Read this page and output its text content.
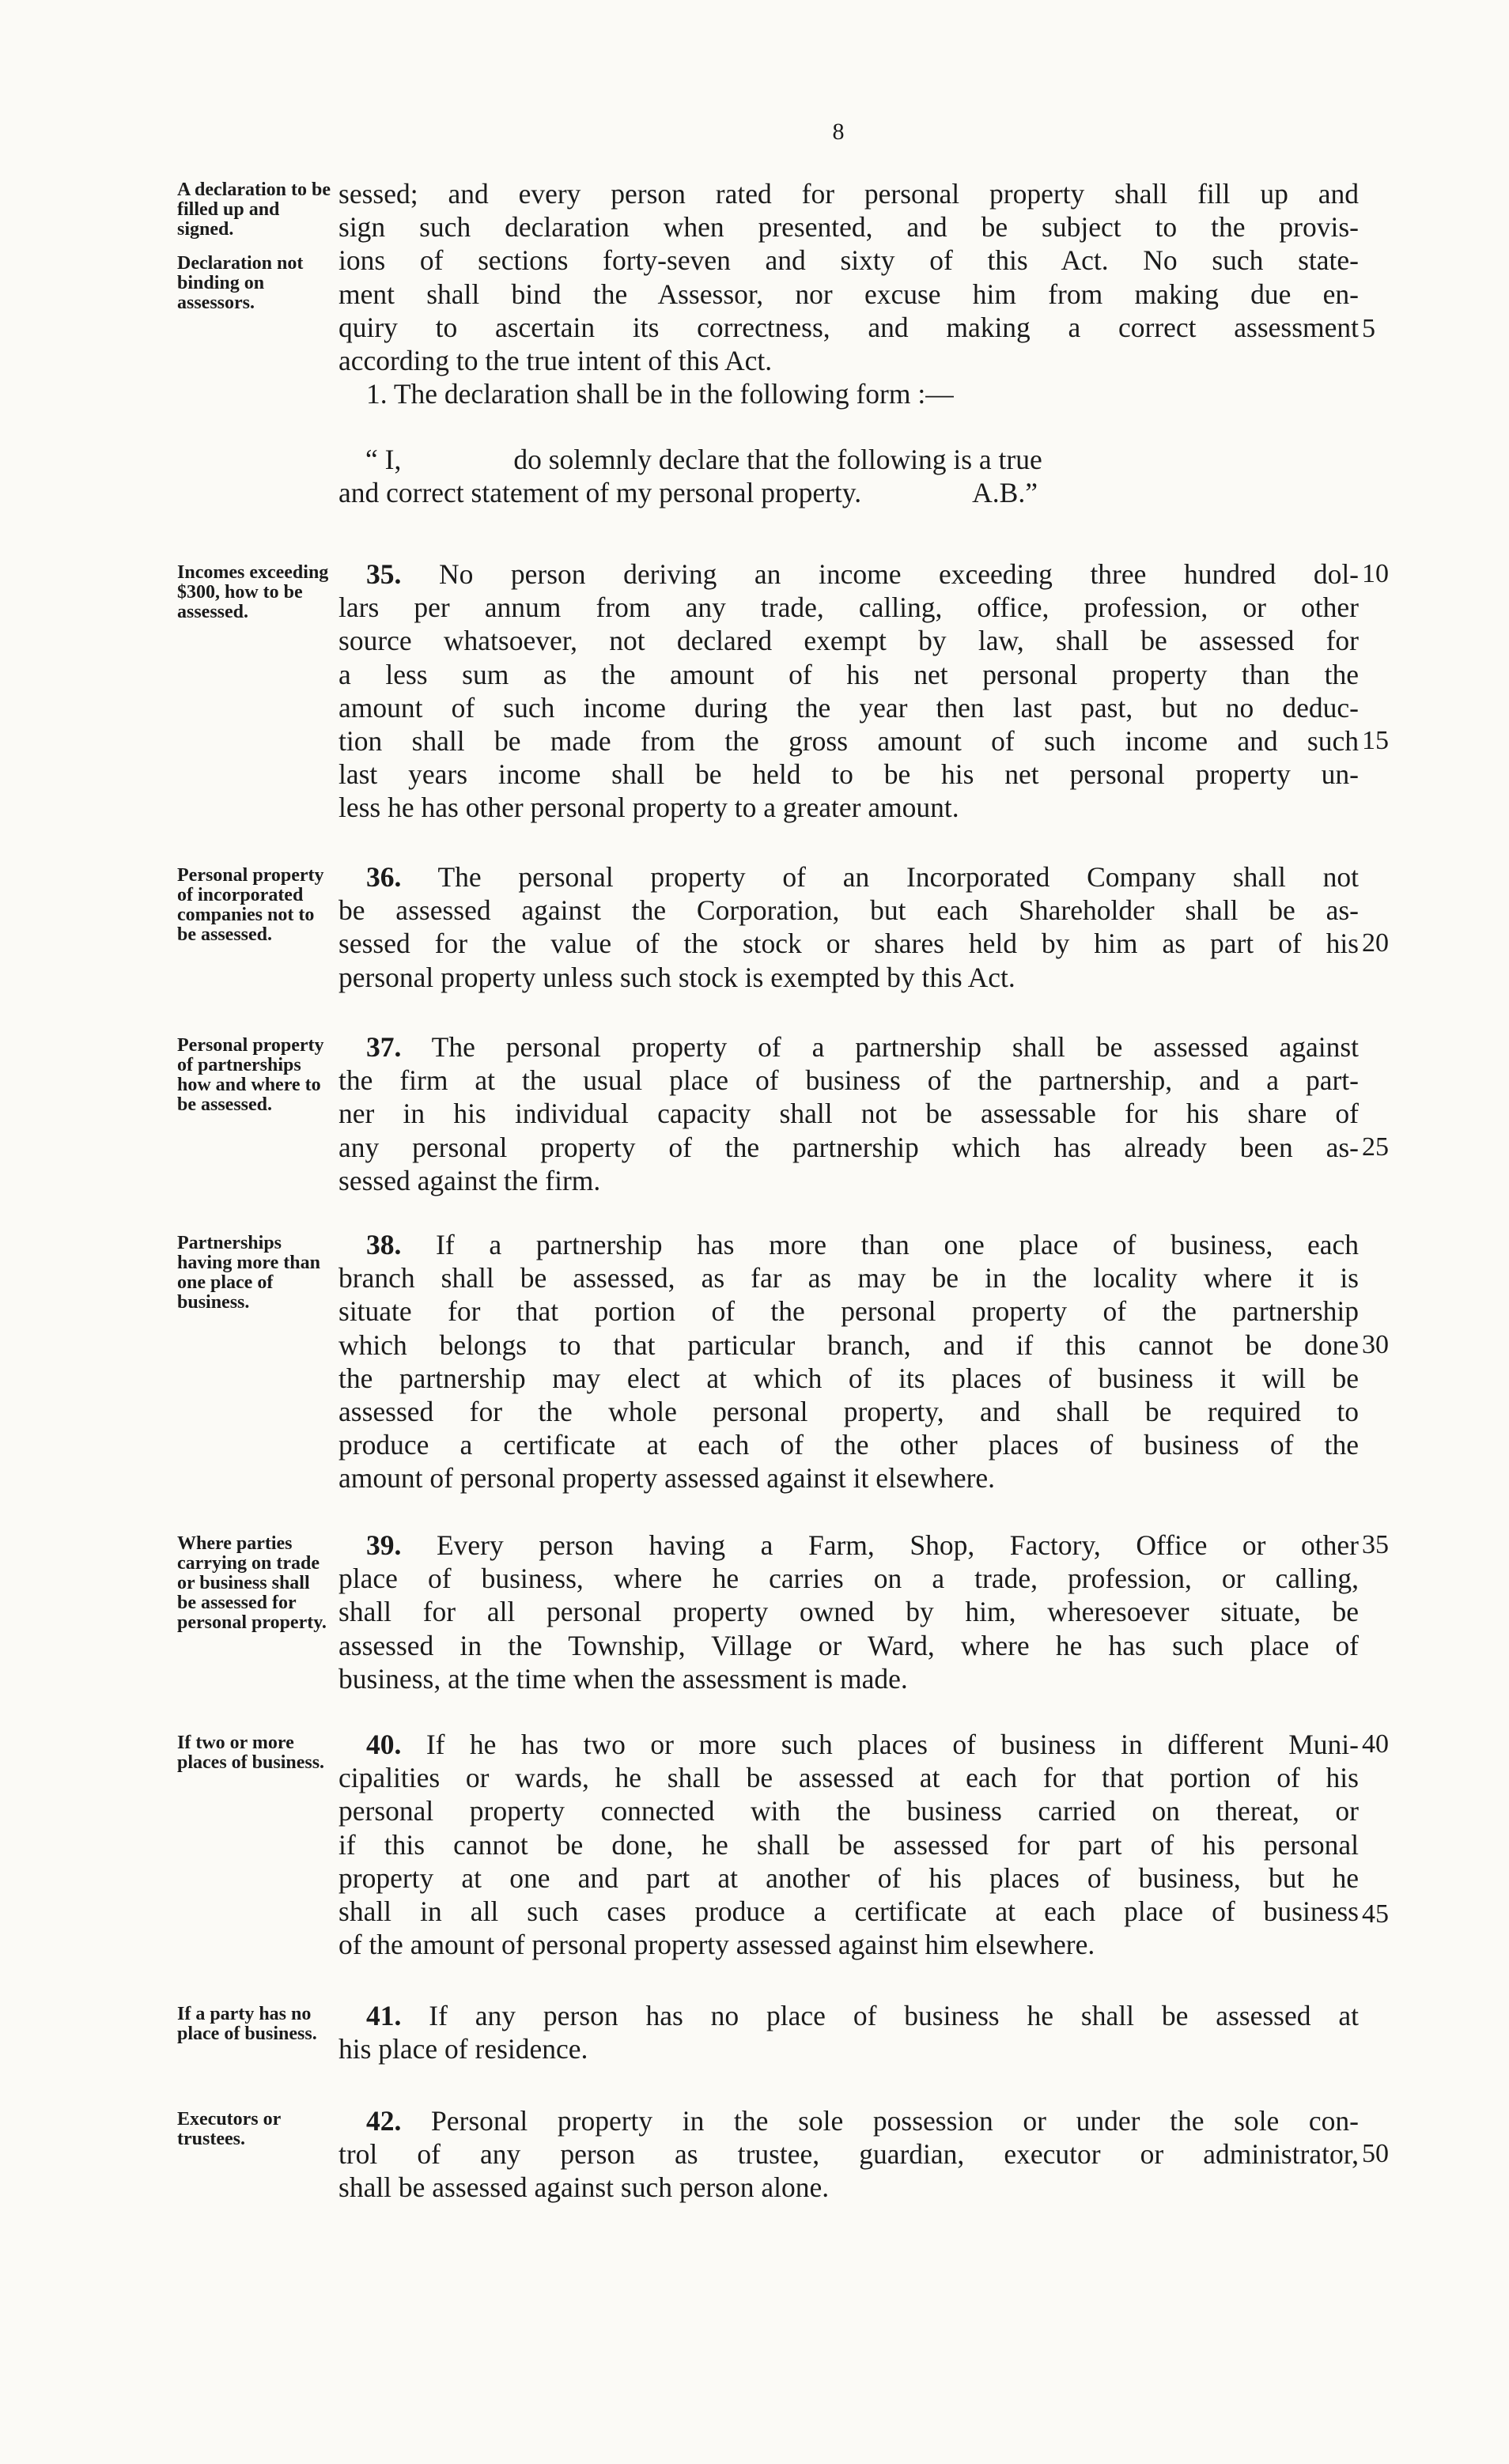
8
A declaration to be filled up and signed.
Declaration not binding on assessors.
sessed; and every person rated for personal property shall fill up and
sign such declaration when presented, and be subject to the provis-
ions of sections forty-seven and sixty of this Act. No such state-
ment shall bind the Assessor, nor excuse him from making due en-
quiry to ascertain its correctness, and making a correct assessment
according to the true intent of this Act.
1. The declaration shall be in the following form :—
5
“ I,                do solemnly declare that the following is a true
and correct statement of my personal property.                A.B.”
Incomes exceeding $300, how to be assessed.
35. No person deriving an income exceeding three hundred dol-
lars per annum from any trade, calling, office, profession, or other
source whatsoever, not declared exempt by law, shall be assessed for
a less sum as the amount of his net personal property than the
amount of such income during the year then last past, but no deduc-
tion shall be made from the gross amount of such income and such
last years income shall be held to be his net personal property un-
less he has other personal property to a greater amount.
10
15
Personal property of incorporated companies not to be assessed.
36. The personal property of an Incorporated Company shall not
be assessed against the Corporation, but each Shareholder shall be as-
sessed for the value of the stock or shares held by him as part of his
personal property unless such stock is exempted by this Act.
20
Personal property of partnerships how and where to be assessed.
37. The personal property of a partnership shall be assessed against
the firm at the usual place of business of the partnership, and a part-
ner in his individual capacity shall not be assessable for his share of
any personal property of the partnership which has already been as-
sessed against the firm.
25
Partnerships having more than one place of business.
38. If a partnership has more than one place of business, each
branch shall be assessed, as far as may be in the locality where it is
situate for that portion of the personal property of the partnership
which belongs to that particular branch, and if this cannot be done
the partnership may elect at which of its places of business it will be
assessed for the whole personal property, and shall be required to
produce a certificate at each of the other places of business of the
amount of personal property assessed against it elsewhere.
30
Where parties carrying on trade or business shall be assessed for personal property.
39. Every person having a Farm, Shop, Factory, Office or other
place of business, where he carries on a trade, profession, or calling,
shall for all personal property owned by him, wheresoever situate, be
assessed in the Township, Village or Ward, where he has such place of
business, at the time when the assessment is made.
35
If two or more places of business.
40. If he has two or more such places of business in different Muni-
cipalities or wards, he shall be assessed at each for that portion of his
personal property connected with the business carried on thereat, or
if this cannot be done, he shall be assessed for part of his personal
property at one and part at another of his places of business, but he
shall in all such cases produce a certificate at each place of business
of the amount of personal property assessed against him elsewhere.
40
45
If a party has no place of business.
41. If any person has no place of business he shall be assessed at
his place of residence.
Executors or trustees.
42. Personal property in the sole possession or under the sole con-
trol of any person as trustee, guardian, executor or administrator,
shall be assessed against such person alone.
50
